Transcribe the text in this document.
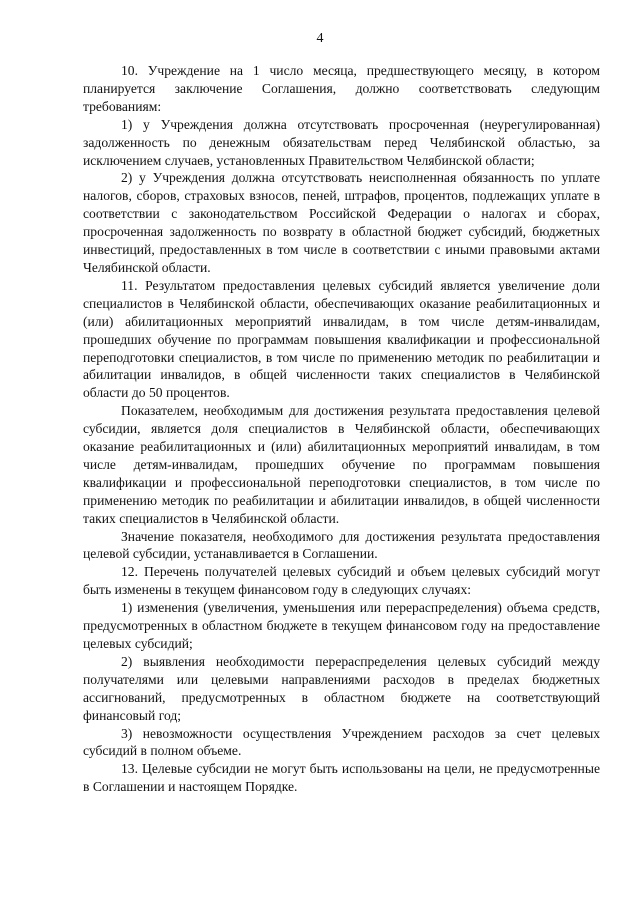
4

10. Учреждение на 1 число месяца, предшествующего месяцу, в котором планируется заключение Соглашения, должно соответствовать следующим требованиям:

1) у Учреждения должна отсутствовать просроченная (неурегулированная) задолженность по денежным обязательствам перед Челябинской областью, за исключением случаев, установленных Правительством Челябинской области;

2) у Учреждения должна отсутствовать неисполненная обязанность по уплате налогов, сборов, страховых взносов, пеней, штрафов, процентов, подлежащих уплате в соответствии с законодательством Российской Федерации о налогах и сборах, просроченная задолженность по возврату в областной бюджет субсидий, бюджетных инвестиций, предоставленных в том числе в соответствии с иными правовыми актами Челябинской области.

11. Результатом предоставления целевых субсидий является увеличение доли специалистов в Челябинской области, обеспечивающих оказание реабилитационных и (или) абилитационных мероприятий инвалидам, в том числе детям-инвалидам, прошедших обучение по программам повышения квалификации и профессиональной переподготовки специалистов, в том числе по применению методик по реабилитации и абилитации инвалидов, в общей численности таких специалистов в Челябинской области до 50 процентов.

Показателем, необходимым для достижения результата предоставления целевой субсидии, является доля специалистов в Челябинской области, обеспечивающих оказание реабилитационных и (или) абилитационных мероприятий инвалидам, в том числе детям-инвалидам, прошедших обучение по программам повышения квалификации и профессиональной переподготовки специалистов, в том числе по применению методик по реабилитации и абилитации инвалидов, в общей численности таких специалистов в Челябинской области.

Значение показателя, необходимого для достижения результата предоставления целевой субсидии, устанавливается в Соглашении.

12. Перечень получателей целевых субсидий и объем целевых субсидий могут быть изменены в текущем финансовом году в следующих случаях:

1) изменения (увеличения, уменьшения или перераспределения) объема средств, предусмотренных в областном бюджете в текущем финансовом году на предоставление целевых субсидий;

2) выявления необходимости перераспределения целевых субсидий между получателями или целевыми направлениями расходов в пределах бюджетных ассигнований, предусмотренных в областном бюджете на соответствующий финансовый год;

3) невозможности осуществления Учреждением расходов за счет целевых субсидий в полном объеме.

13. Целевые субсидии не могут быть использованы на цели, не предусмотренные в Соглашении и настоящем Порядке.
